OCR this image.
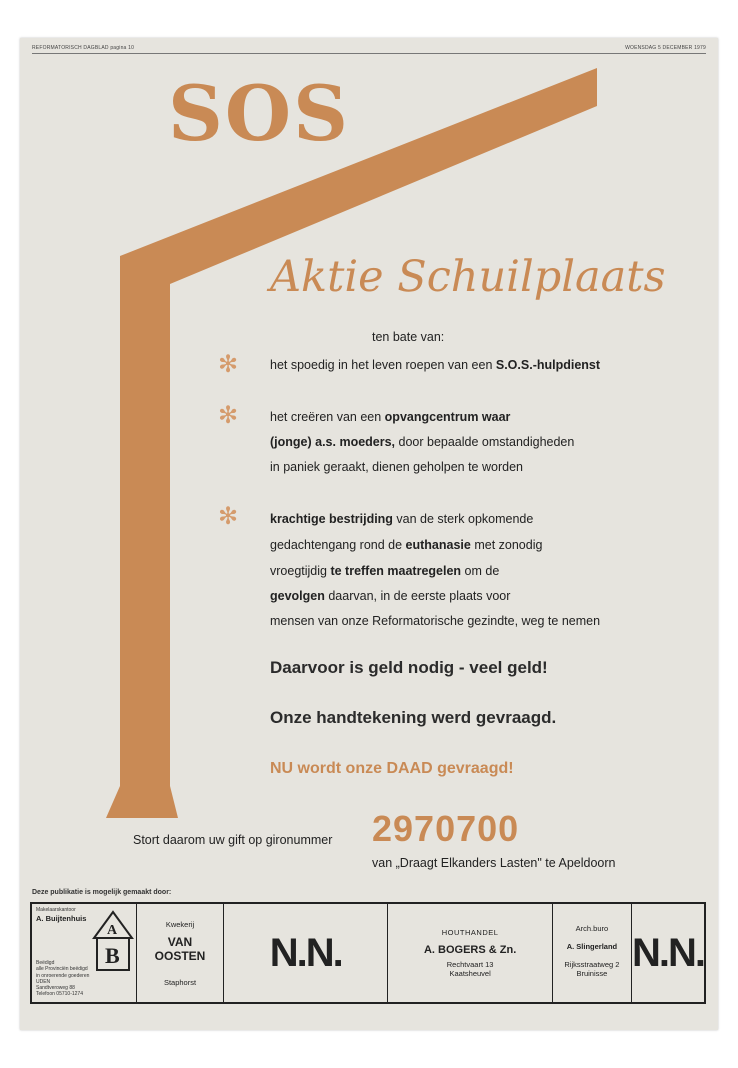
REFORMATORISCH DAGBLAD pagina 10	WOENSDAG 5 DECEMBER 1979
SOS
Aktie Schuilplaats
ten bate van:
✻	het spoedig in het leven roepen van een S.O.S.-hulpdienst
✻	het creëren van een opvangcentrum waar
(jonge) a.s. moeders, door bepaalde omstandigheden
in paniek geraakt, dienen geholpen te worden
✻	krachtige bestrijding van de sterk opkomende
gedachtengang rond de euthanasie met zonodig
vroegtijdig te treffen maatregelen om de
gevolgen daarvan, in de eerste plaats voor
mensen van onze Reformatorische gezindte, weg te nemen
Daarvoor is geld nodig - veel geld!
Onze handtekening werd gevraagd.
NU wordt onze DAAD gevraagd!
Stort daarom uw gift op gironummer 2970700
van „Draagt Elkanders Lasten" te Apeldoorn
Deze publikatie is mogelijk gemaakt door:
Makelaarskantoor
A. Buijtenhuis
A
B
Beëdigd
alle Provinciën beëdigd
in onroerende goederen
UDEN
Sandtveroweg 88
Telefoon 05710-1274
Kwekerij
VAN
OOSTEN
Staphorst
N.N.	HOUTHANDEL
A. BOGERS & Zn.
Rechtvaart 13
Kaatsheuvel
Arch.buro
A. Slingerland
Rijksstraatweg 2
Bruinisse N.N.
